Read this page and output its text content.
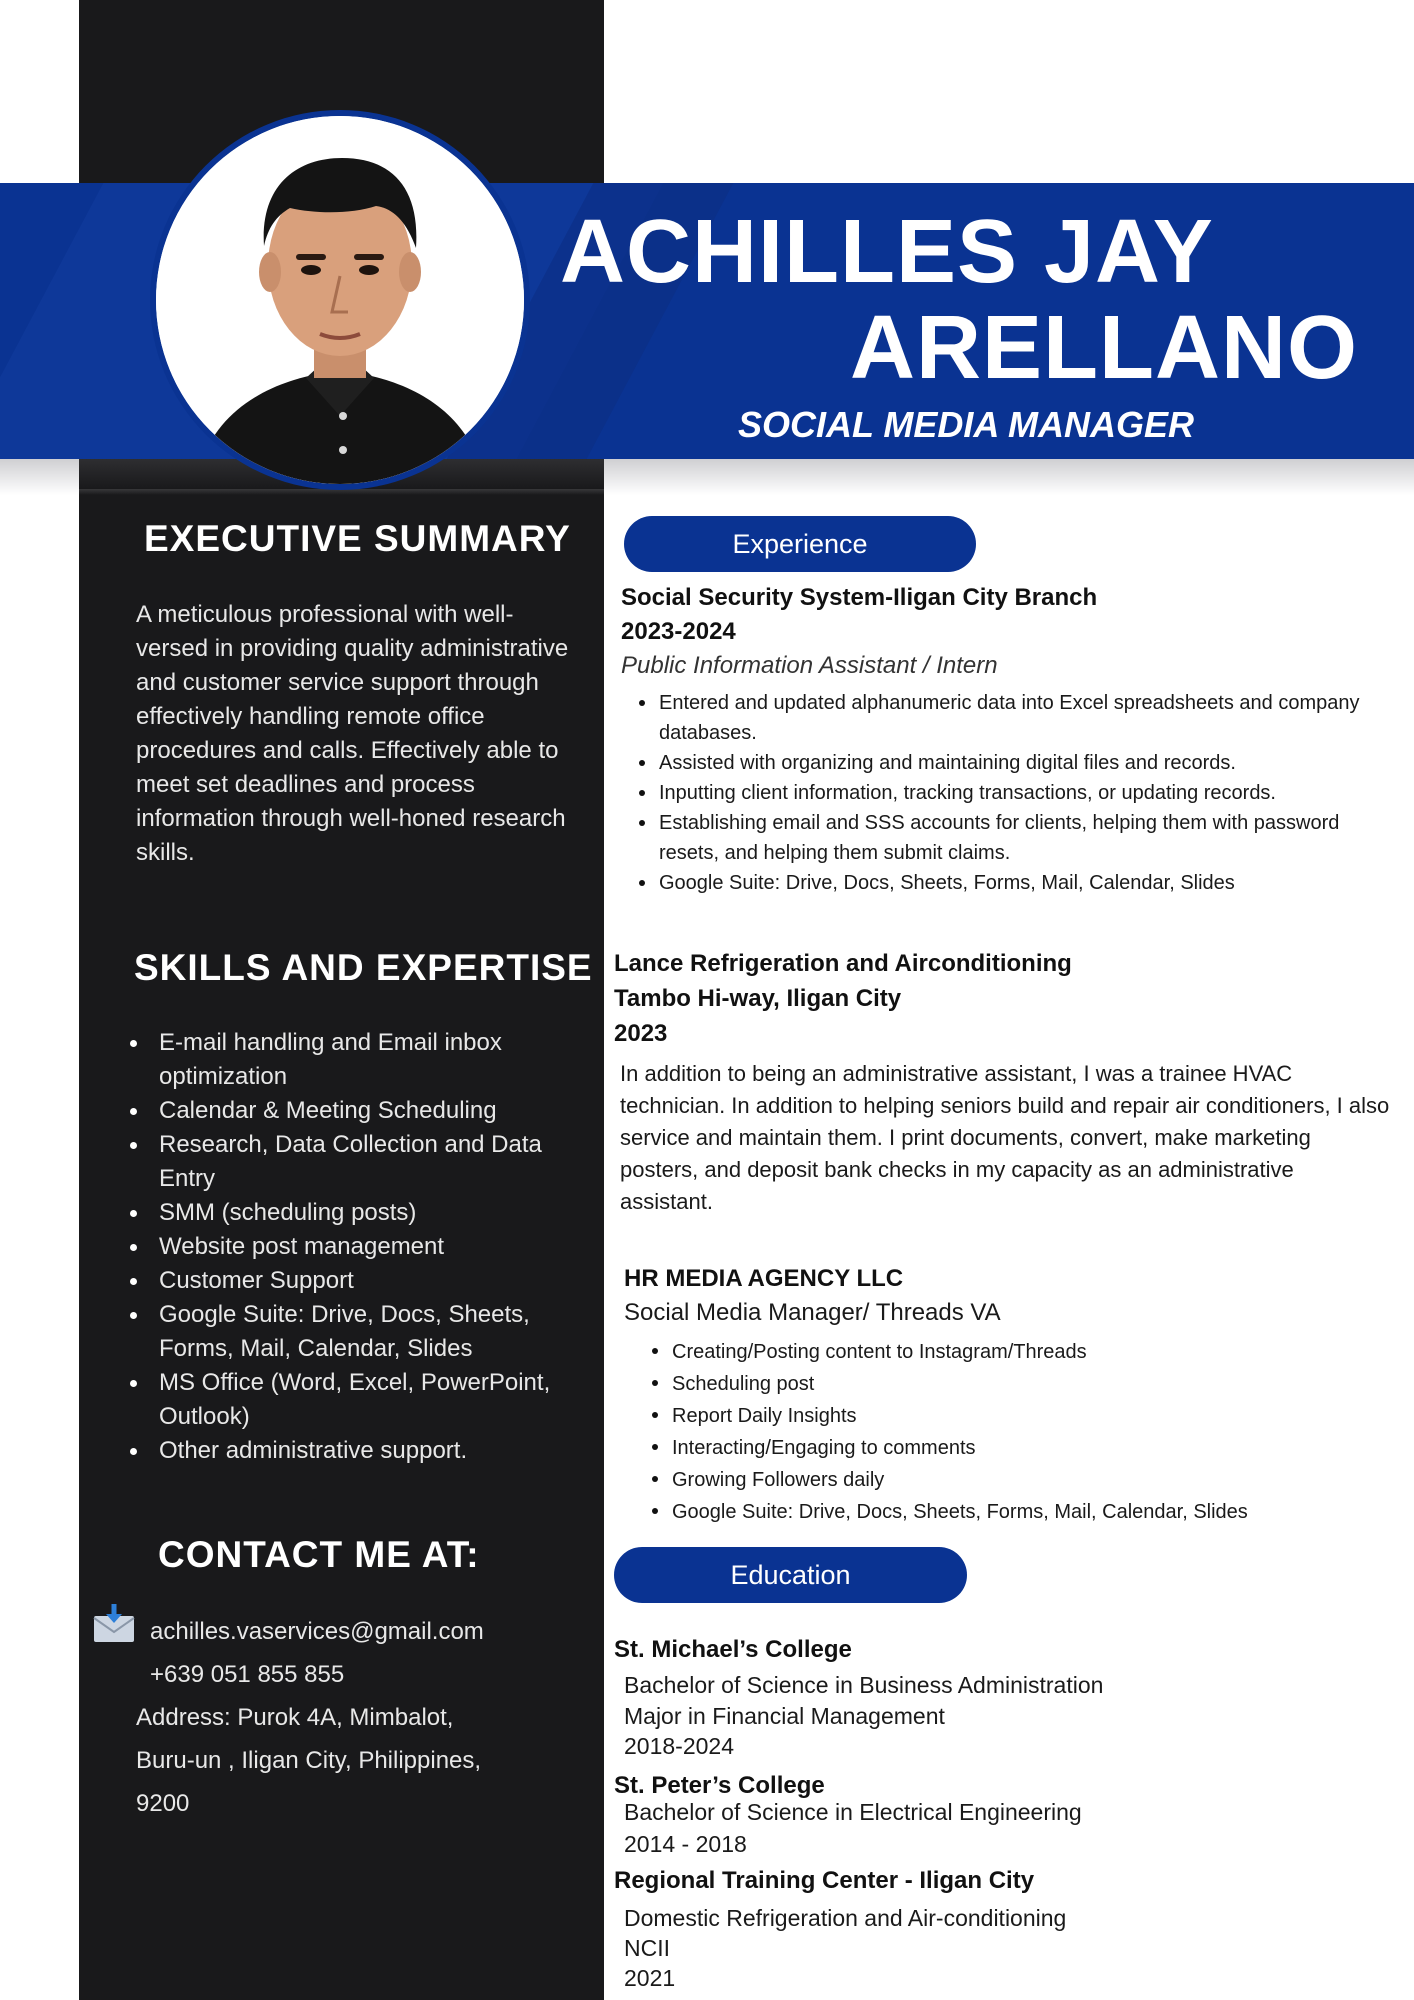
ACHILLES JAY
ARELLANO
SOCIAL MEDIA MANAGER
EXECUTIVE SUMMARY
A meticulous professional with well-versed in providing quality administrative and customer service support through effectively handling remote office procedures and calls. Effectively able to meet set deadlines and process information through well-honed research skills.
SKILLS AND EXPERTISE
E-mail handling and Email inbox optimization
Calendar & Meeting Scheduling
Research, Data Collection and Data Entry
SMM (scheduling posts)
Website post management
Customer Support
Google Suite: Drive, Docs, Sheets, Forms, Mail, Calendar, Slides
MS Office (Word, Excel, PowerPoint, Outlook)
Other administrative support.
CONTACT ME AT:
achilles.vaservices@gmail.com
+639 051 855 855
Address: Purok 4A, Mimbalot,
Buru-un , Iligan City, Philippines,
9200
Experience
Social Security System-Iligan City Branch
2023-2024
Public Information Assistant / Intern
Entered and updated alphanumeric data into Excel spreadsheets and company databases.
Assisted with organizing and maintaining digital files and records.
Inputting client information, tracking transactions, or updating records.
Establishing email and SSS accounts for clients, helping them with password resets, and helping them submit claims.
Google Suite: Drive, Docs, Sheets, Forms, Mail, Calendar, Slides
Lance Refrigeration and Airconditioning
Tambo Hi-way, Iligan City
2023
In addition to being an administrative assistant, I was a trainee HVAC technician. In addition to helping seniors build and repair air conditioners, I also service and maintain them. I print documents, convert, make marketing posters, and deposit bank checks in my capacity as an administrative assistant.
HR MEDIA AGENCY LLC
Social Media Manager/ Threads VA
Creating/Posting content to Instagram/Threads
Scheduling post
Report Daily Insights
Interacting/Engaging to comments
Growing Followers daily
Google Suite: Drive, Docs, Sheets, Forms, Mail, Calendar, Slides
Education
St. Michael’s College
Bachelor of Science in Business Administration
Major in Financial Management
2018-2024
St. Peter’s College
Bachelor of Science in Electrical Engineering
2014 - 2018
Regional Training Center - Iligan City
Domestic Refrigeration and Air-conditioning
NCII
2021
